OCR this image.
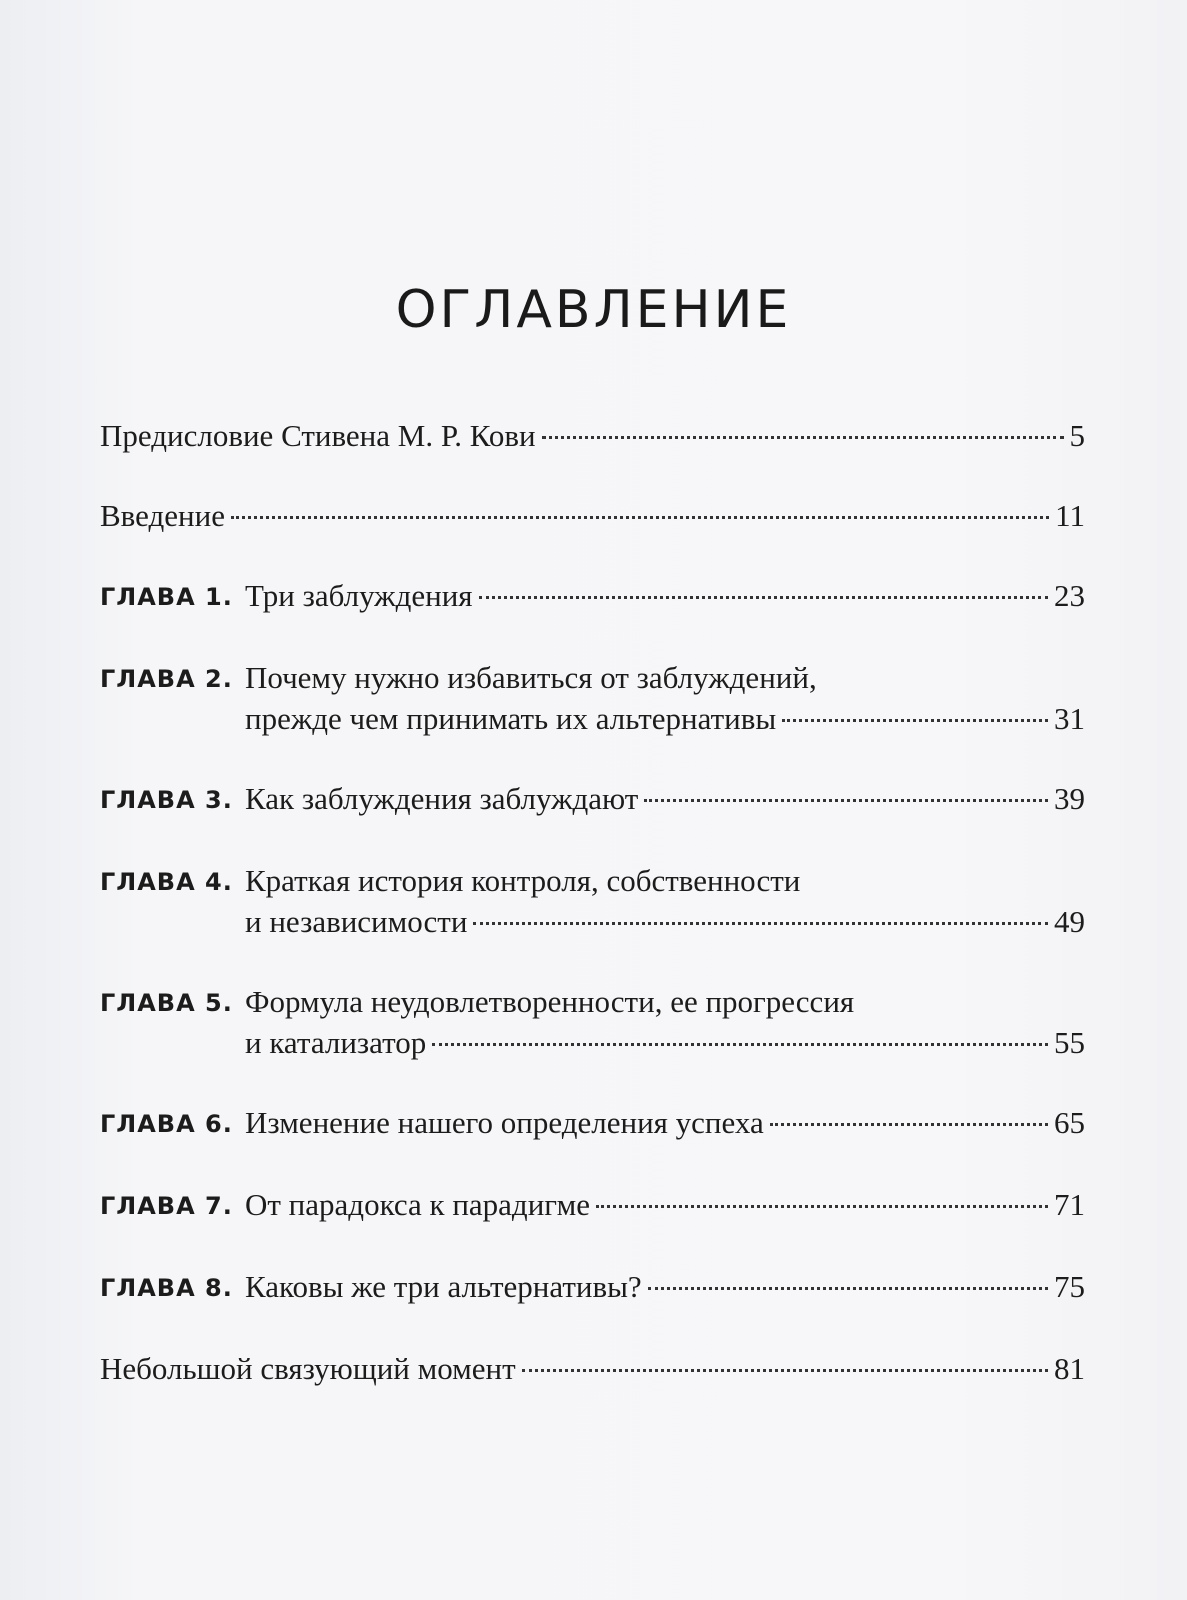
ОГЛАВЛЕНИЕ
Предисловие Стивена М. Р. Кови	5
Введение	11
ГЛАВА 1. Три заблуждения	23
ГЛАВА 2. Почему нужно избавиться от заблуждений,
прежде чем принимать их альтернативы	31
ГЛАВА 3. Как заблуждения заблуждают	39
ГЛАВА 4. Краткая история контроля, собственности
и независимости	49
ГЛАВА 5. Формула неудовлетворенности, ее прогрессия
и катализатор	55
ГЛАВА 6. Изменение нашего определения успеха	65
ГЛАВА 7. От парадокса к парадигме	71
ГЛАВА 8. Каковы же три альтернативы?	75
Небольшой связующий момент	81
